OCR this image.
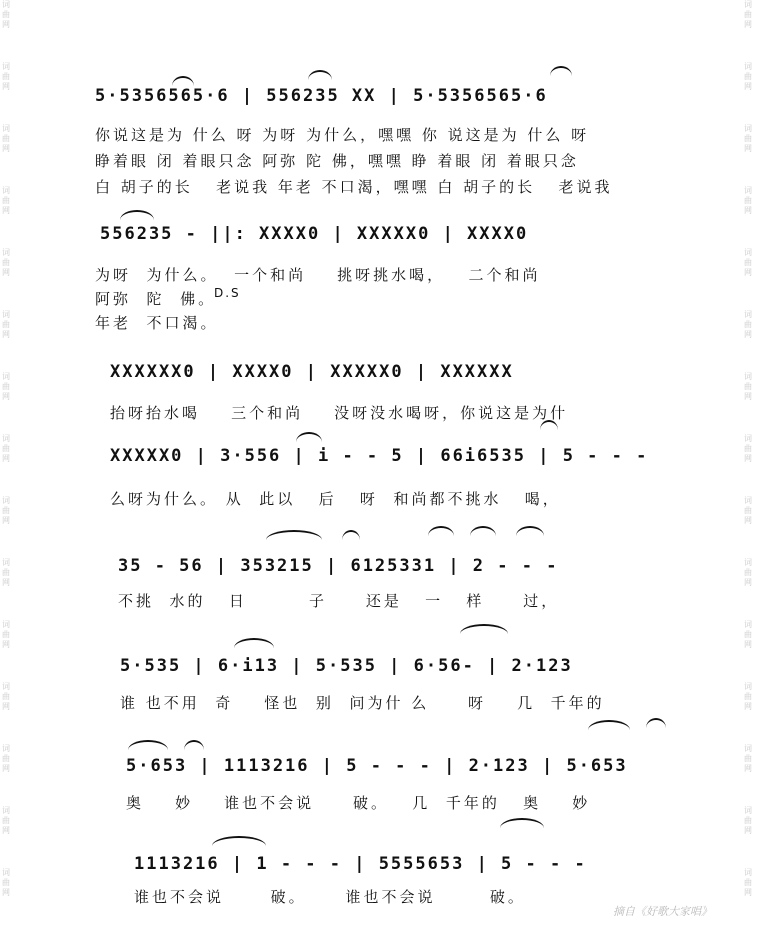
词
曲
网
词
曲
网
词
曲
网
词
曲
网
词
曲
网
词
曲
网
词
曲
网
词
曲
网
词
曲
网
词
曲
网
词
曲
网
词
曲
网
词
曲
网
词
曲
网
词
曲
网
词
曲
网
词
曲
网
词
曲
网
词
曲
网
词
曲
网
词
曲
网
词
曲
网
词
曲
网
词
曲
网
词
曲
网
词
曲
网
词
曲
网
词
曲
网
词
曲
网
词
曲
网
5·5356565·6 | 556235 XX | 5·5356565·6
你说这是为 什么 呀 为呀 为什么，嘿嘿 你 说这是为 什么 呀
睁着眼 闭 着眼只念 阿弥 陀 佛，嘿嘿 睁 着眼 闭 着眼只念
白 胡子的长   老说我 年老 不口渴，嘿嘿 白 胡子的长   老说我
556235 - ||: XXXX0 | XXXXX0 | XXXX0
为呀  为什么。  一个和尚    挑呀挑水喝，   二个和尚
阿弥  陀  佛。
D.S
年老  不口渴。
XXXXXX0 | XXXX0 | XXXXX0 | XXXXXX
抬呀抬水喝    三个和尚    没呀没水喝呀，你说这是为什
XXXXX0 | 3·556 | i - - 5 | 66i6535 | 5 - - -
么呀为什么。 从  此以   后   呀  和尚都不挑水   喝，
35 - 56 | 353215 | 6125331 | 2 - - -
不挑  水的   日        子     还是   一   样     过，
5·535 | 6·i13 | 5·535 | 6·56- | 2·123
谁 也不用  奇    怪也  别  问为什 么     呀    几  千年的
5·653 | 1113216 | 5 - - - | 2·123 | 5·653
奥    妙    谁也不会说     破。   几  千年的   奥    妙
1113216 | 1 - - - | 5555653 | 5 - - -
谁也不会说      破。     谁也不会说       破。
摘自《好歌大家唱》
